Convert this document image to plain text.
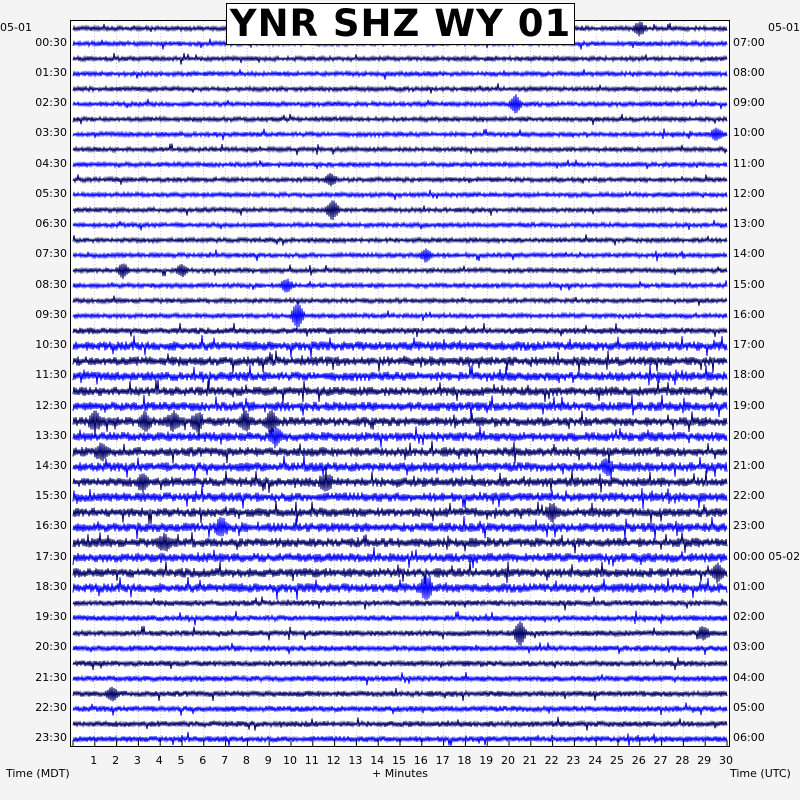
YNR SHZ WY 01
05-01	05-01
00:30
01:30
02:30
03:30
04:30
05:30
06:30
07:30
08:30
09:30
10:30
11:30
12:30
13:30
14:30
15:30
16:30
17:30
18:30
19:30
20:30
21:30
22:30
23:30
07:00
08:00
09:00
10:00
11:00
12:00
13:00
14:00
15:00
16:00
17:00
18:00
19:00
20:00
21:00
22:00
23:00
00:00 05-02
01:00
02:00
03:00
04:00
05:00
06:00
1	2	3	4	5	6	7	8	9	10 11 12 13 14 15 16 17 18 19 20 21 22 23 24 25 26 27 28 29 30
Time (MDT)	+ Minutes	Time (UTC)
